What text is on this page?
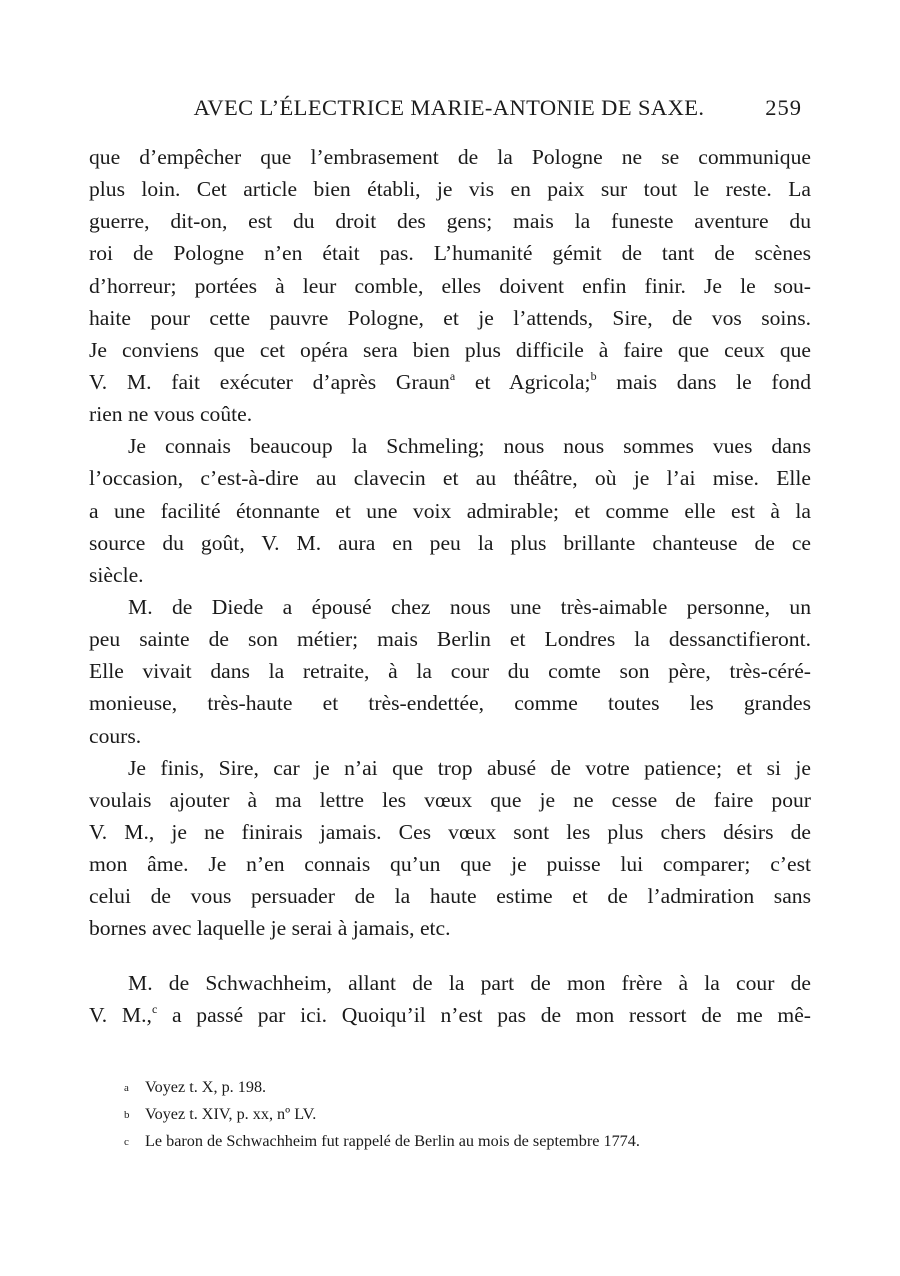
AVEC L’ÉLECTRICE MARIE-ANTONIE DE SAXE.	259
que d’empêcher que l’embrasement de la Pologne ne se communique
plus loin. Cet article bien établi, je vis en paix sur tout le reste. La
guerre, dit-on, est du droit des gens; mais la funeste aventure du
roi de Pologne n’en était pas. L’humanité gémit de tant de scènes
d’horreur; portées à leur comble, elles doivent enfin finir. Je le sou-
haite pour cette pauvre Pologne, et je l’attends, Sire, de vos soins.
Je conviens que cet opéra sera bien plus difficile à faire que ceux que
V. M. fait exécuter d’après Graun$^a$ et Agricola;$^b$ mais dans le fond
rien ne vous coûte.
Je connais beaucoup la Schmeling; nous nous sommes vues dans
l’occasion, c’est-à-dire au clavecin et au théâtre, où je l’ai mise. Elle
a une facilité étonnante et une voix admirable; et comme elle est à la
source du goût, V. M. aura en peu la plus brillante chanteuse de ce
siècle.
M. de Diede a épousé chez nous une très-aimable personne, un
peu sainte de son métier; mais Berlin et Londres la dessanctifieront.
Elle vivait dans la retraite, à la cour du comte son père, très-céré-
monieuse, très-haute et très-endettée, comme toutes les grandes
cours.
Je finis, Sire, car je n’ai que trop abusé de votre patience; et si je
voulais ajouter à ma lettre les vœux que je ne cesse de faire pour
V. M., je ne finirais jamais. Ces vœux sont les plus chers désirs de
mon âme. Je n’en connais qu’un que je puisse lui comparer; c’est
celui de vous persuader de la haute estime et de l’admiration sans
bornes avec laquelle je serai à jamais, etc.
M. de Schwachheim, allant de la part de mon frère à la cour de
V. M.,$^c$ a passé par ici. Quoiqu’il n’est pas de mon ressort de me mê-
a Voyez t. X, p. 198.
b Voyez t. XIV, p. xx, nº LV.
c Le baron de Schwachheim fut rappelé de Berlin au mois de septembre 1774.
